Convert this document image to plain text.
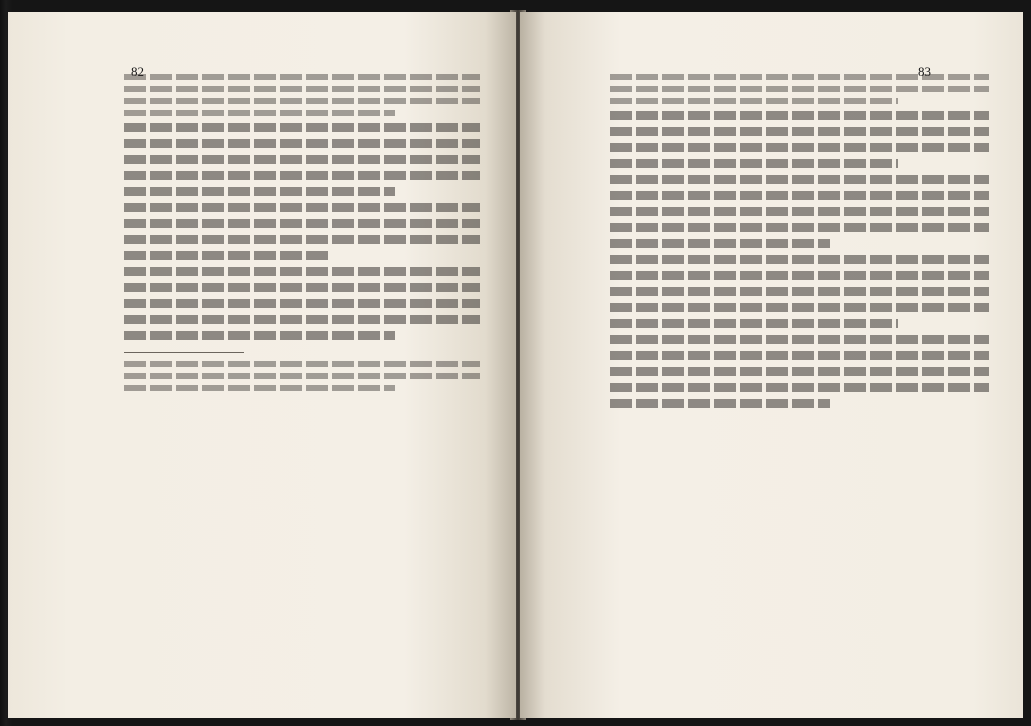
82	83
